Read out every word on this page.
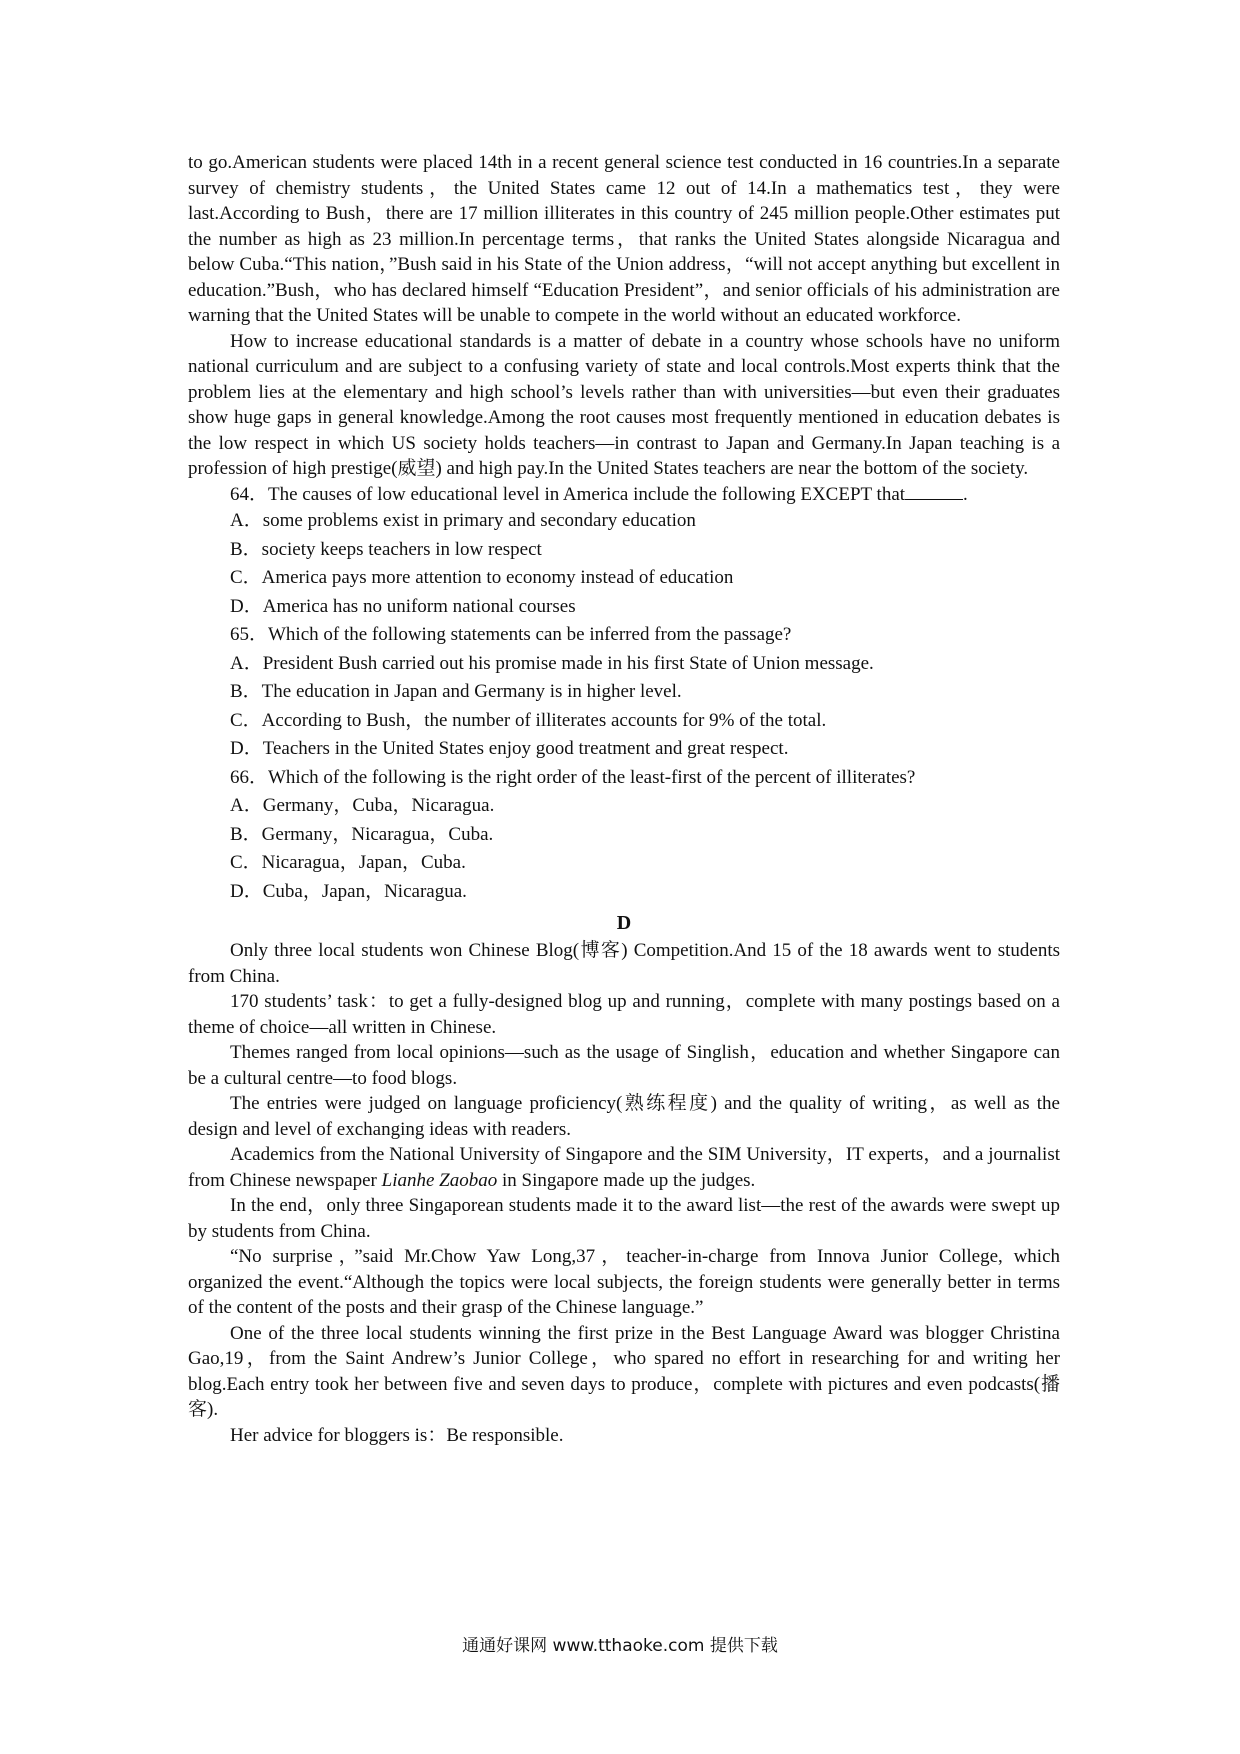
to go.American students were placed 14th in a recent general science test conducted in 16 countries.In a separate survey of chemistry students，the United States came 12 out of 14.In a mathematics test，they were last.According to Bush，there are 17 million illiterates in this country of 245 million people.Other estimates put the number as high as 23 million.In percentage terms，that ranks the United States alongside Nicaragua and below Cuba.“This nation，”Bush said in his State of the Union address，“will not accept anything but excellent in education.”Bush，who has declared himself “Education President”，and senior officials of his administration are warning that the United States will be unable to compete in the world without an educated workforce.

How to increase educational standards is a matter of debate in a country whose schools have no uniform national curriculum and are subject to a confusing variety of state and local controls.Most experts think that the problem lies at the elementary and high school’s levels rather than with universities—but even their graduates show huge gaps in general knowledge.Among the root causes most frequently mentioned in education debates is the low respect in which US society holds teachers—in contrast to Japan and Germany.In Japan teaching is a profession of high prestige(威望) and high pay.In the United States teachers are near the bottom of the society.

64．The causes of low educational level in America include the following EXCEPT that	.

A．some problems exist in primary and secondary education

B．society keeps teachers in low respect

C．America pays more attention to economy instead of education

D．America has no uniform national courses

65．Which of the following statements can be inferred from the passage?

A．President Bush carried out his promise made in his first State of Union message.

B．The education in Japan and Germany is in higher level.

C．According to Bush，the number of illiterates accounts for 9% of the total.

D．Teachers in the United States enjoy good treatment and great respect.

66．Which of the following is the right order of the least-first of the percent of illiterates?

A．Germany，Cuba，Nicaragua.

B．Germany，Nicaragua，Cuba.

C．Nicaragua，Japan，Cuba.

D．Cuba，Japan，Nicaragua.

D

Only three local students won Chinese Blog(博客) Competition.And 15 of the 18 awards went to students from China.

170 students’ task：to get a fully-designed blog up and running，complete with many postings based on a theme of choice—all written in Chinese.

Themes ranged from local opinions—such as the usage of Singlish，education and whether Singapore can be a cultural centre—to food blogs.

The entries were judged on language proficiency(熟练程度) and the quality of writing，as well as the design and level of exchanging ideas with readers.

Academics from the National University of Singapore and the SIM University，IT experts，and a journalist from Chinese newspaper Lianhe Zaobao in Singapore made up the judges.

In the end，only three Singaporean students made it to the award list—the rest of the awards were swept up by students from China.

“No surprise，”said Mr.Chow Yaw Long,37，teacher-in-charge from Innova Junior College, which organized the event.“Although the topics were local subjects, the foreign students were generally better in terms of the content of the posts and their grasp of the Chinese language.”

One of the three local students winning the first prize in the Best Language Award was blogger Christina Gao,19，from the Saint Andrew’s Junior College，who spared no effort in researching for and writing her blog.Each entry took her between five and seven days to produce，complete with pictures and even podcasts(播客).

Her advice for bloggers is：Be responsible.

通通好课网 www.tthaoke.com 提供下载
